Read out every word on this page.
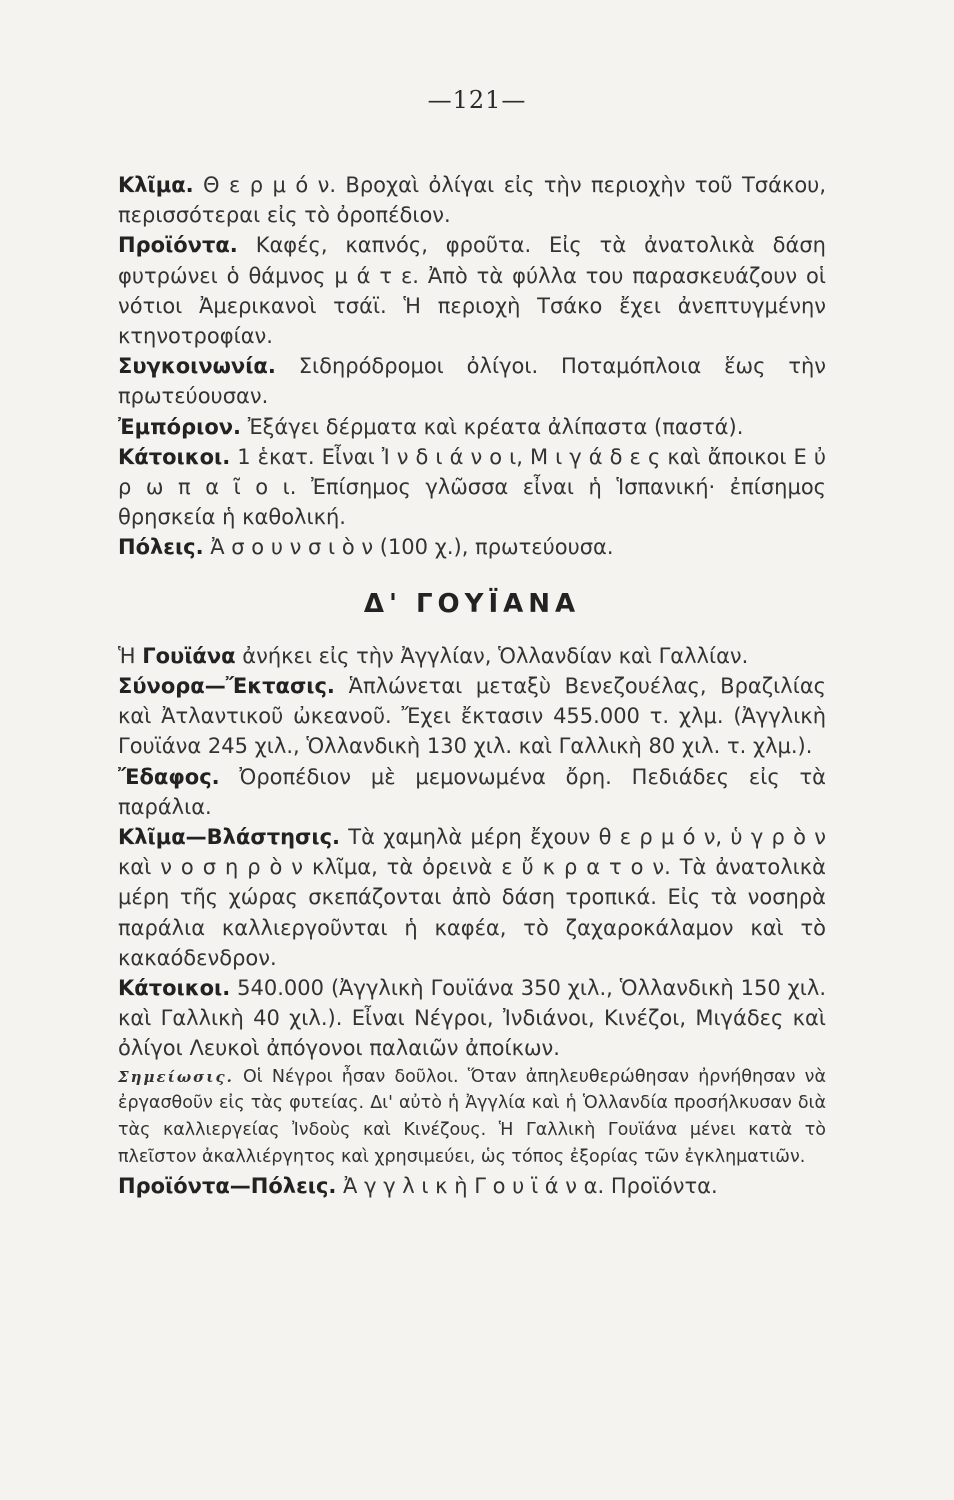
—121—

Κλῖμα. Θ ε ρ μ ό ν. Βροχαὶ ὀλίγαι εἰς τὴν περιοχὴν τοῦ Τσάκου, περισσότεραι εἰς τὸ ὀροπέδιον.

Προϊόντα. Καφές, καπνός, φροῦτα. Εἰς τὰ ἀνατολικὰ δάση φυτρώνει ὁ θάμνος μ ά τ ε. Ἀπὸ τὰ φύλλα του παρασκευάζουν οἱ νότιοι Ἀμερικανοὶ τσάϊ. Ἡ περιοχὴ Τσάκο ἔχει ἀνεπτυγμένην κτηνοτροφίαν.

Συγκοινωνία. Σιδηρόδρομοι ὀλίγοι. Ποταμόπλοια ἕως τὴν πρωτεύουσαν.

Ἐμπόριον. Ἐξάγει δέρματα καὶ κρέατα ἀλίπαστα (παστά).

Κάτοικοι. 1 ἑκατ. Εἶναι Ἰ ν δ ι ά ν ο ι, Μ ι γ ά δ ε ς καὶ ἄποικοι Ε ὐ ρ ω π α ῖ ο ι. Ἐπίσημος γλῶσσα εἶναι ἡ Ἱσπανική· ἐπίσημος θρησκεία ἡ καθολική.

Πόλεις. Ἀ σ ο υ ν σ ι ὸ ν (100 χ.), πρωτεύουσα.

Δ' ΓΟΥΪΑΝΑ

Ἡ Γουϊάνα ἀνήκει εἰς τὴν Ἀγγλίαν, Ὁλλανδίαν καὶ Γαλλίαν.

Σύνορα—Ἔκτασις. Ἁπλώνεται μεταξὺ Βενεζουέλας, Βραζιλίας καὶ Ἀτλαντικοῦ ὠκεανοῦ. Ἔχει ἔκτασιν 455.000 τ. χλμ. (Ἀγγλικὴ Γουϊάνα 245 χιλ., Ὁλλανδικὴ 130 χιλ. καὶ Γαλλικὴ 80 χιλ. τ. χλμ.).

Ἔδαφος. Ὀροπέδιον μὲ μεμονωμένα ὄρη. Πεδιάδες εἰς τὰ παράλια.

Κλῖμα—Βλάστησις. Τὰ χαμηλὰ μέρη ἔχουν θ ε ρ μ ό ν, ὑ γ ρ ὸ ν καὶ ν ο σ η ρ ὸ ν κλῖμα, τὰ ὀρεινὰ ε ὔ κ ρ α τ ο ν. Τὰ ἀνατολικὰ μέρη τῆς χώρας σκεπάζονται ἀπὸ δάση τροπικά. Εἰς τὰ νοσηρὰ παράλια καλλιεργοῦνται ἡ καφέα, τὸ ζαχαροκάλαμον καὶ τὸ κακαόδενδρον.

Κάτοικοι. 540.000 (Ἀγγλικὴ Γουϊάνα 350 χιλ., Ὁλλανδικὴ 150 χιλ. καὶ Γαλλικὴ 40 χιλ.). Εἶναι Νέγροι, Ἰνδιάνοι, Κινέζοι, Μιγάδες καὶ ὀλίγοι Λευκοὶ ἀπόγονοι παλαιῶν ἀποίκων.

Σημείωσις. Οἱ Νέγροι ἦσαν δοῦλοι. Ὅταν ἀπηλευθερώθησαν ἠρνήθησαν νὰ ἐργασθοῦν εἰς τὰς φυτείας. Δι' αὐτὸ ἡ Ἀγγλία καὶ ἡ Ὁλλανδία προσήλκυσαν διὰ τὰς καλλιεργείας Ἰνδοὺς καὶ Κινέζους. Ἡ Γαλλικὴ Γουϊάνα μένει κατὰ τὸ πλεῖστον ἀκαλλιέργητος καὶ χρησιμεύει, ὡς τόπος ἐξορίας τῶν ἐγκληματιῶν.

Προϊόντα—Πόλεις. Ἀ γ γ λ ι κ ὴ Γ ο υ ϊ ά ν α. Προϊόντα.
